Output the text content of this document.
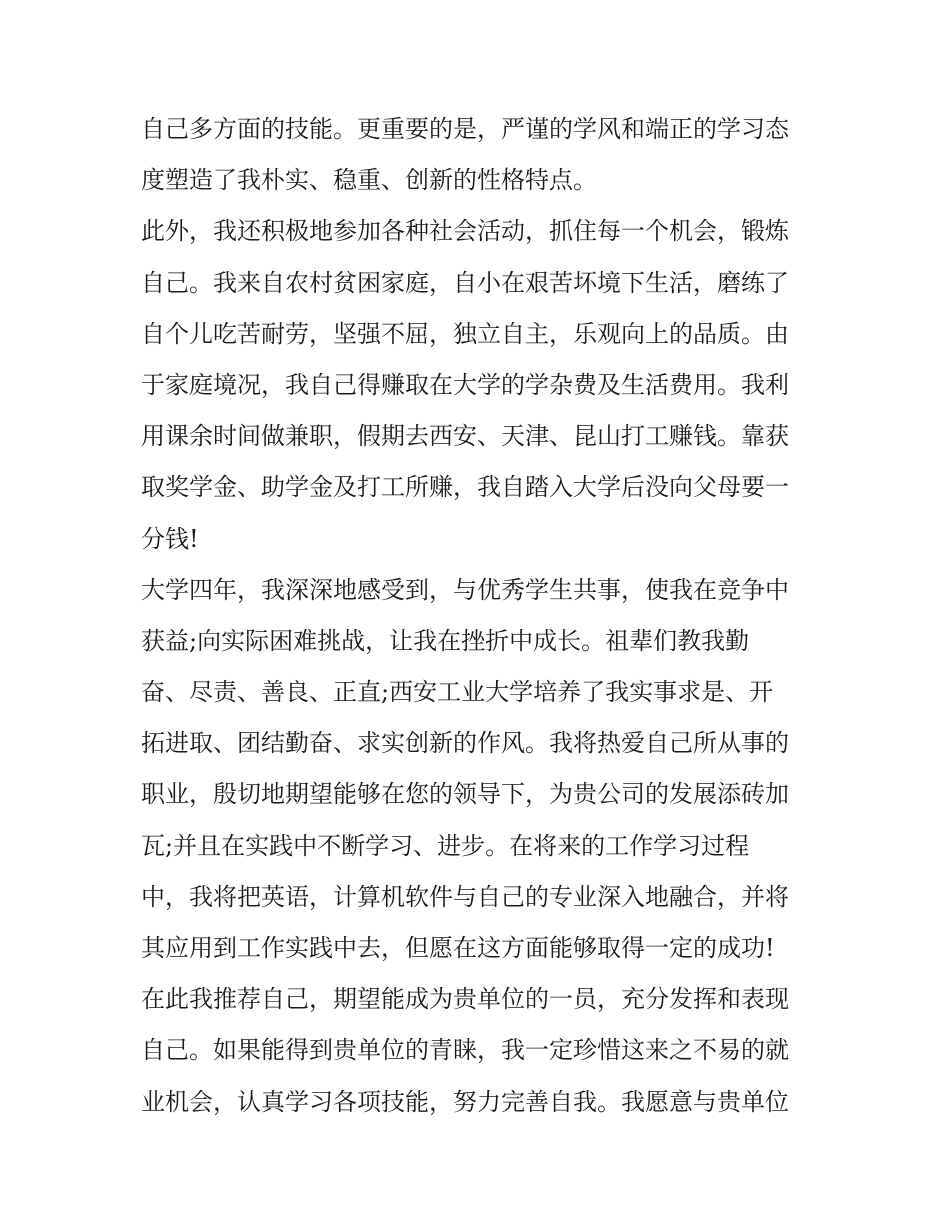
自己多方面的技能。更重要的是，严谨的学风和端正的学习态
度塑造了我朴实、稳重、创新的性格特点。
此外，我还积极地参加各种社会活动，抓住每一个机会，锻炼
自己。我来自农村贫困家庭，自小在艰苦坏境下生活，磨练了
自个儿吃苦耐劳，坚强不屈，独立自主，乐观向上的品质。由
于家庭境况，我自己得赚取在大学的学杂费及生活费用。我利
用课余时间做兼职，假期去西安、天津、昆山打工赚钱。靠获
取奖学金、助学金及打工所赚，我自踏入大学后没向父母要一
分钱!
大学四年，我深深地感受到，与优秀学生共事，使我在竞争中
获益;向实际困难挑战，让我在挫折中成长。祖辈们教我勤
奋、尽责、善良、正直;西安工业大学培养了我实事求是、开
拓进取、团结勤奋、求实创新的作风。我将热爱自己所从事的
职业，殷切地期望能够在您的领导下，为贵公司的发展添砖加
瓦;并且在实践中不断学习、进步。在将来的工作学习过程
中，我将把英语，计算机软件与自己的专业深入地融合，并将
其应用到工作实践中去，但愿在这方面能够取得一定的成功!
在此我推荐自己，期望能成为贵单位的一员，充分发挥和表现
自己。如果能得到贵单位的青睐，我一定珍惜这来之不易的就
业机会，认真学习各项技能，努力完善自我。我愿意与贵单位
